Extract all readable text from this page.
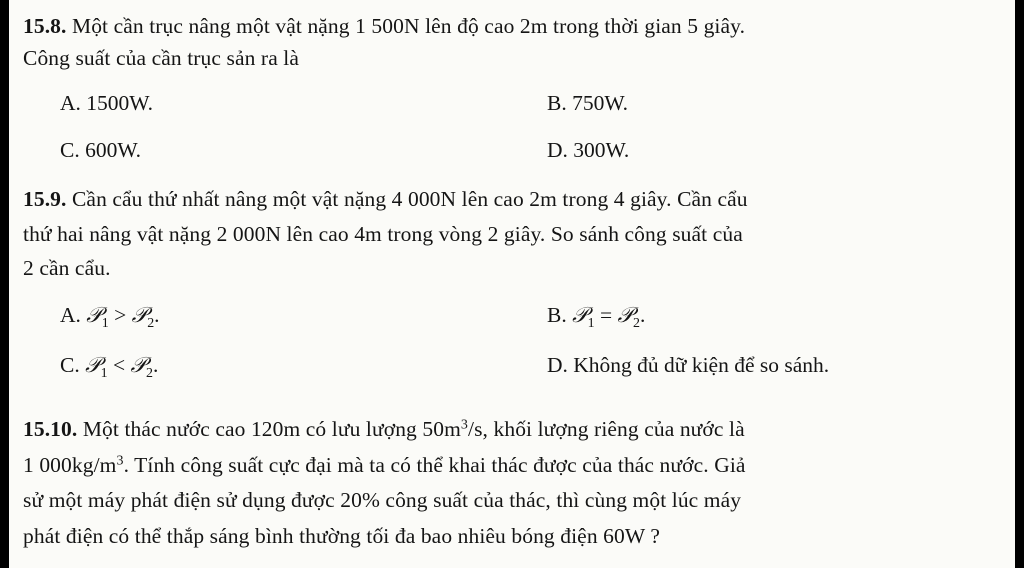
15.8. Một cần trục nâng một vật nặng 1 500N lên độ cao 2m trong thời gian 5 giây.
Công suất của cần trục sản ra là
A. 1500W.	B. 750W.
C. 600W.	D. 300W.
15.9. Cần cẩu thứ nhất nâng một vật nặng 4 000N lên cao 2m trong 4 giây. Cần cẩu
thứ hai nâng vật nặng 2 000N lên cao 4m trong vòng 2 giây. So sánh công suất của
2 cần cẩu.
A. 𝒫$_1$ > 𝒫$_2$.	B. 𝒫$_1$ = 𝒫$_2$.
C. 𝒫$_1$ < 𝒫$_2$.	D. Không đủ dữ kiện để so sánh.
15.10. Một thác nước cao 120m có lưu lượng $50m^3/s$, khối lượng riêng của nước là
1 $000kg/m^3$. Tính công suất cực đại mà ta có thể khai thác được của thác nước. Giả
sử một máy phát điện sử dụng được 20% công suất của thác, thì cùng một lúc máy
phát điện có thể thắp sáng bình thường tối đa bao nhiêu bóng điện 60W ?
